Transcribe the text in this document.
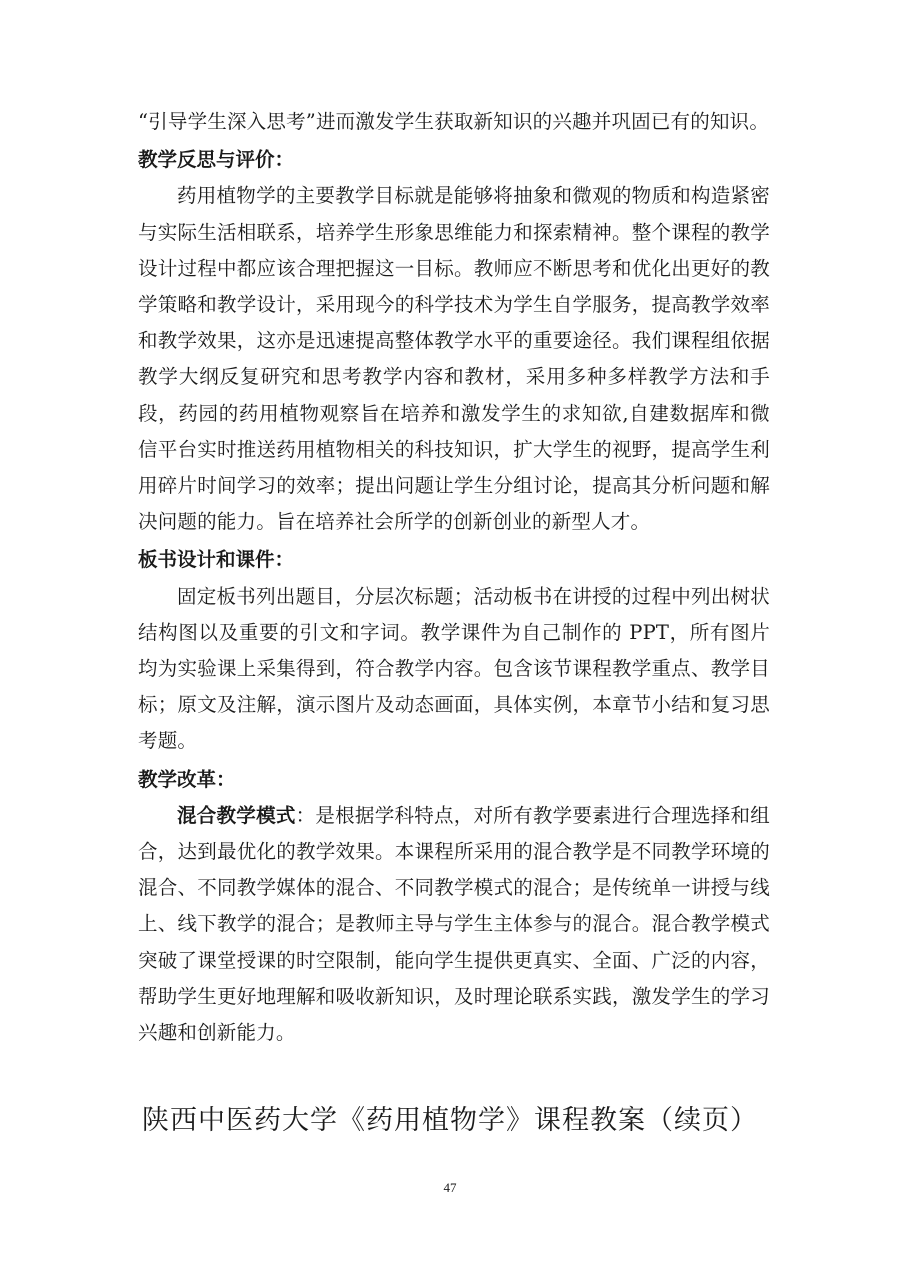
“引导学生深入思考”进而激发学生获取新知识的兴趣并巩固已有的知识。

教学反思与评价：

药用植物学的主要教学目标就是能够将抽象和微观的物质和构造紧密与实际生活相联系，培养学生形象思维能力和探索精神。整个课程的教学设计过程中都应该合理把握这一目标。教师应不断思考和优化出更好的教学策略和教学设计，采用现今的科学技术为学生自学服务，提高教学效率和教学效果，这亦是迅速提高整体教学水平的重要途径。我们课程组依据教学大纲反复研究和思考教学内容和教材，采用多种多样教学方法和手段，药园的药用植物观察旨在培养和激发学生的求知欲,自建数据库和微信平台实时推送药用植物相关的科技知识，扩大学生的视野，提高学生利用碎片时间学习的效率；提出问题让学生分组讨论，提高其分析问题和解决问题的能力。旨在培养社会所学的创新创业的新型人才。

板书设计和课件：

固定板书列出题目，分层次标题；活动板书在讲授的过程中列出树状结构图以及重要的引文和字词。教学课件为自己制作的 PPT，所有图片均为实验课上采集得到，符合教学内容。包含该节课程教学重点、教学目标；原文及注解，演示图片及动态画面，具体实例，本章节小结和复习思考题。

教学改革：

混合教学模式：是根据学科特点，对所有教学要素进行合理选择和组合，达到最优化的教学效果。本课程所采用的混合教学是不同教学环境的混合、不同教学媒体的混合、不同教学模式的混合；是传统单一讲授与线上、线下教学的混合；是教师主导与学生主体参与的混合。混合教学模式突破了课堂授课的时空限制，能向学生提供更真实、全面、广泛的内容，帮助学生更好地理解和吸收新知识，及时理论联系实践，激发学生的学习兴趣和创新能力。

陕西中医药大学《药用植物学》课程教案（续页）
47
